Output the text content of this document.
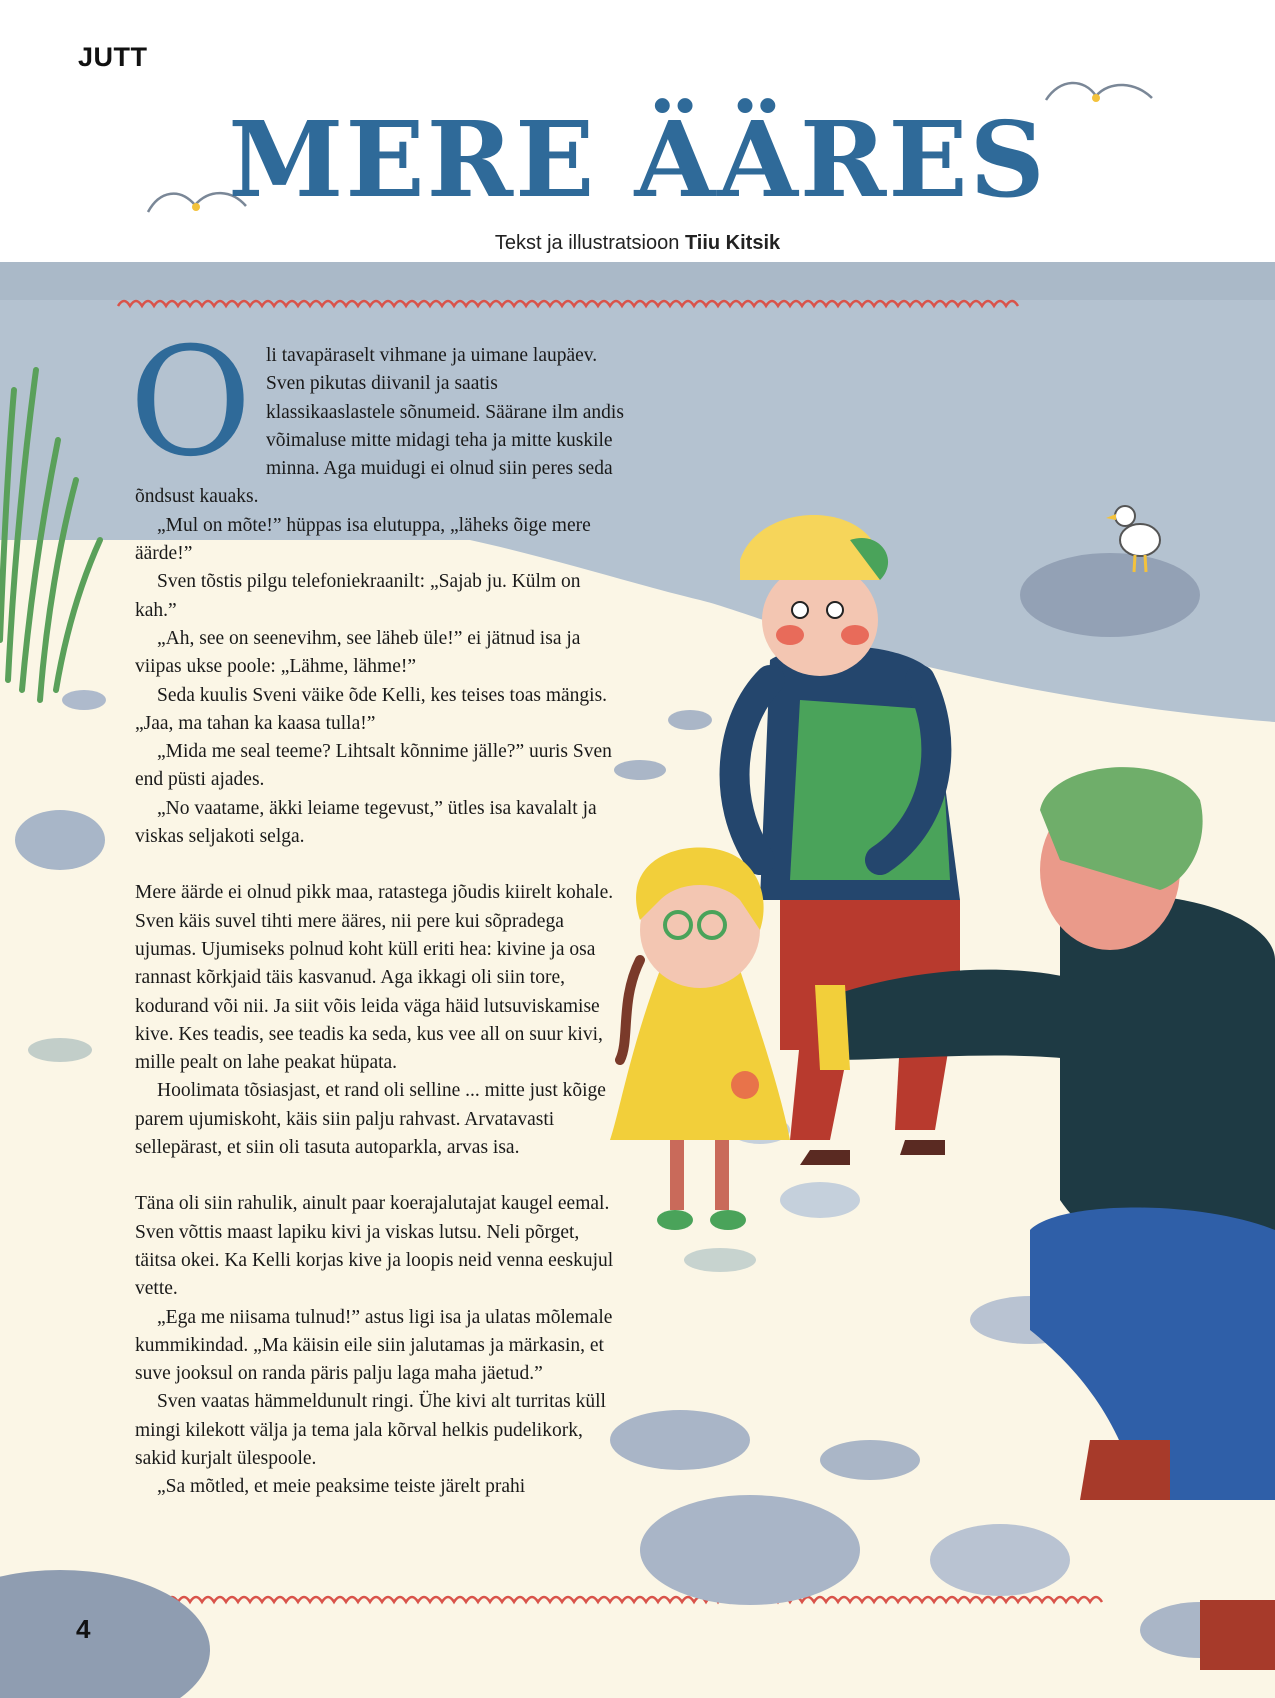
JUTT
MERE ÄÄRES
Tekst ja illustratsioon Tiiu Kitsik

Oli tavapäraselt vihmane ja uimane laupäev. Sven pikutas diivanil ja saatis klassikaaslastele sõnumeid. Säärane ilm andis võimaluse mitte midagi teha ja mitte kuskile minna. Aga muidugi ei olnud siin peres seda õndsust kauaks.

„Mul on mõte!” hüppas isa elutuppa, „läheks õige mere äärde!”

Sven tõstis pilgu telefoniekraanilt: „Sajab ju. Külm on kah.”

„Ah, see on seenevihm, see läheb üle!” ei jätnud isa ja viipas ukse poole: „Lähme, lähme!”

Seda kuulis Sveni väike õde Kelli, kes teises toas mängis. „Jaa, ma tahan ka kaasa tulla!”

„Mida me seal teeme? Lihtsalt kõnnime jälle?” uuris Sven end püsti ajades.

„No vaatame, äkki leiame tegevust,” ütles isa kavalalt ja viskas seljakoti selga.

Mere äärde ei olnud pikk maa, ratastega jõudis kiirelt kohale. Sven käis suvel tihti mere ääres, nii pere kui sõpradega ujumas. Ujumiseks polnud koht küll eriti hea: kivine ja osa rannast kõrkjaid täis kasvanud. Aga ikkagi oli siin tore, kodurand või nii. Ja siit võis leida väga häid lutsuviskamise kive. Kes teadis, see teadis ka seda, kus vee all on suur kivi, mille pealt on lahe peakat hüpata.

Hoolimata tõsiasjast, et rand oli selline ... mitte just kõige parem ujumiskoht, käis siin palju rahvast. Arvatavasti sellepärast, et siin oli tasuta autoparkla, arvas isa.

Täna oli siin rahulik, ainult paar koerajalutajat kaugel eemal. Sven võttis maast lapiku kivi ja viskas lutsu. Neli põrget, täitsa okei. Ka Kelli korjas kive ja loopis neid venna eeskujul vette.

„Ega me niisama tulnud!” astus ligi isa ja ulatas mõlemale kummikindad. „Ma käisin eile siin jalutamas ja märkasin, et suve jooksul on randa päris palju laga maha jäetud.”

Sven vaatas hämmeldunult ringi. Ühe kivi alt turritas küll mingi kilekott välja ja tema jala kõrval helkis pudelikork, sakid kurjalt ülespoole.

„Sa mõtled, et meie peaksime teiste järelt prahi

4
